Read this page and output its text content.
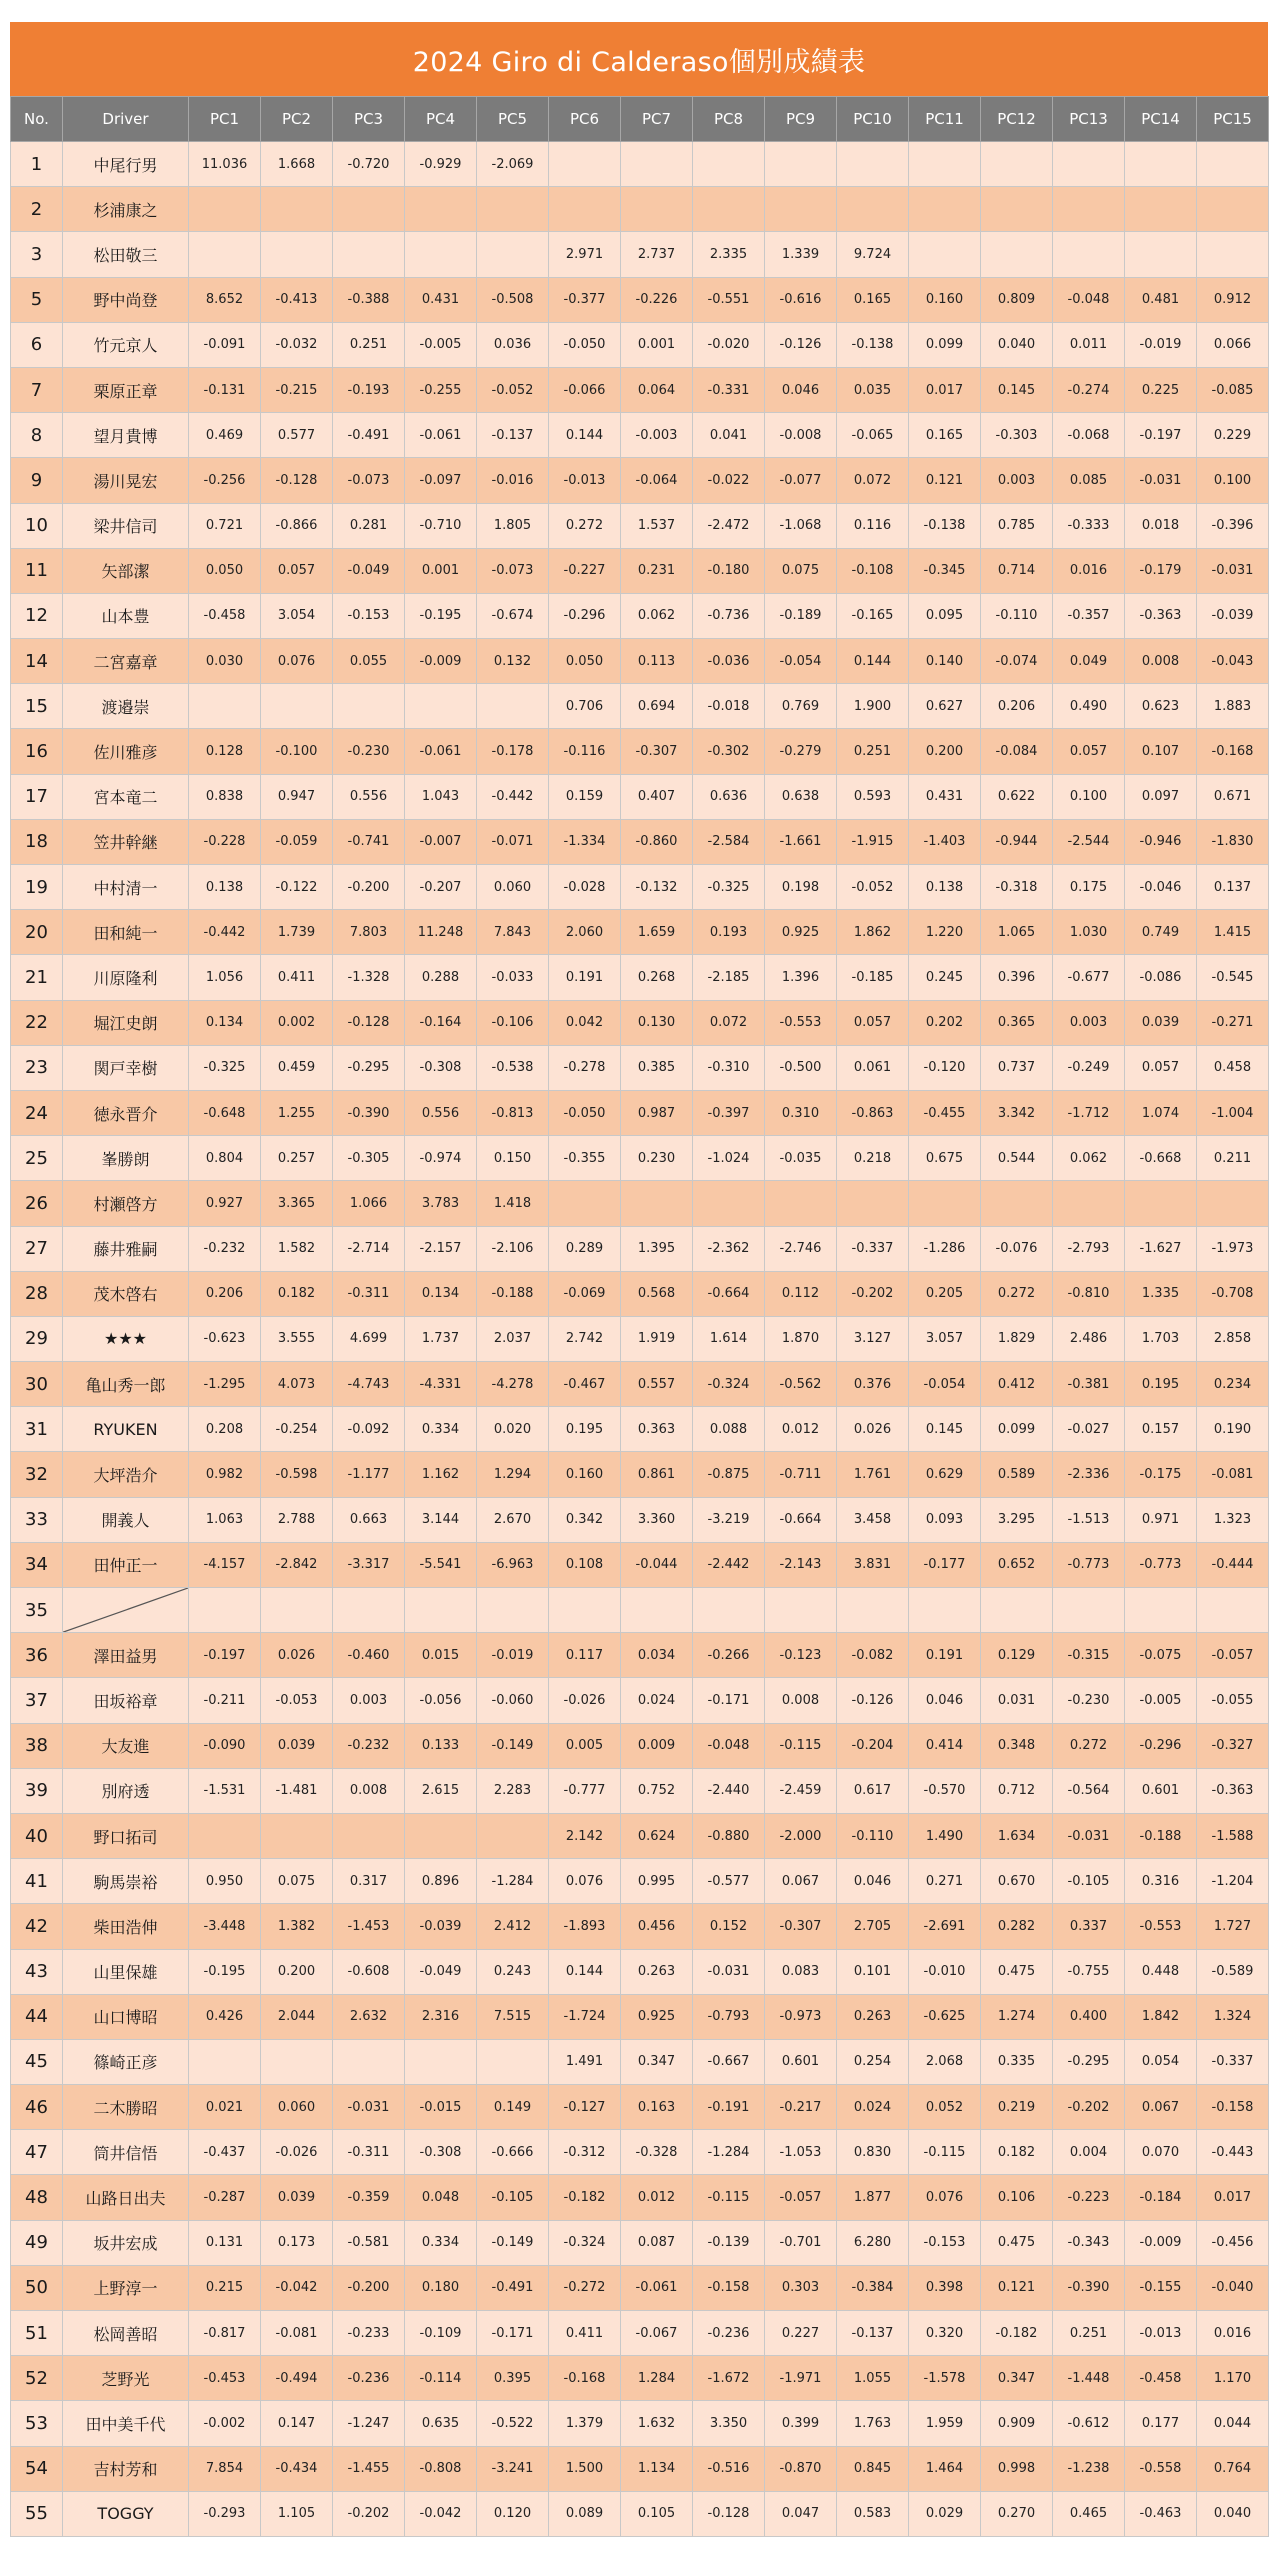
2024 Giro di Calderaso個別成績表
No.	Driver	PC1	PC2	PC3	PC4	PC5	PC6	PC7	PC8	PC9	PC10	PC11	PC12	PC13	PC14	PC15
1	中尾行男	11.036	1.668	-0.720	-0.929	-2.069										
2	杉浦康之															
3	松田敬三						2.971	2.737	2.335	1.339	9.724					
5	野中尚登	8.652	-0.413	-0.388	0.431	-0.508	-0.377	-0.226	-0.551	-0.616	0.165	0.160	0.809	-0.048	0.481	0.912
6	竹元京人	-0.091	-0.032	0.251	-0.005	0.036	-0.050	0.001	-0.020	-0.126	-0.138	0.099	0.040	0.011	-0.019	0.066
7	栗原正章	-0.131	-0.215	-0.193	-0.255	-0.052	-0.066	0.064	-0.331	0.046	0.035	0.017	0.145	-0.274	0.225	-0.085
8	望月貴博	0.469	0.577	-0.491	-0.061	-0.137	0.144	-0.003	0.041	-0.008	-0.065	0.165	-0.303	-0.068	-0.197	0.229
9	湯川晃宏	-0.256	-0.128	-0.073	-0.097	-0.016	-0.013	-0.064	-0.022	-0.077	0.072	0.121	0.003	0.085	-0.031	0.100
10	梁井信司	0.721	-0.866	0.281	-0.710	1.805	0.272	1.537	-2.472	-1.068	0.116	-0.138	0.785	-0.333	0.018	-0.396
11	矢部潔	0.050	0.057	-0.049	0.001	-0.073	-0.227	0.231	-0.180	0.075	-0.108	-0.345	0.714	0.016	-0.179	-0.031
12	山本豊	-0.458	3.054	-0.153	-0.195	-0.674	-0.296	0.062	-0.736	-0.189	-0.165	0.095	-0.110	-0.357	-0.363	-0.039
14	二宮嘉章	0.030	0.076	0.055	-0.009	0.132	0.050	0.113	-0.036	-0.054	0.144	0.140	-0.074	0.049	0.008	-0.043
15	渡邉崇						0.706	0.694	-0.018	0.769	1.900	0.627	0.206	0.490	0.623	1.883
16	佐川雅彦	0.128	-0.100	-0.230	-0.061	-0.178	-0.116	-0.307	-0.302	-0.279	0.251	0.200	-0.084	0.057	0.107	-0.168
17	宮本竜二	0.838	0.947	0.556	1.043	-0.442	0.159	0.407	0.636	0.638	0.593	0.431	0.622	0.100	0.097	0.671
18	笠井幹継	-0.228	-0.059	-0.741	-0.007	-0.071	-1.334	-0.860	-2.584	-1.661	-1.915	-1.403	-0.944	-2.544	-0.946	-1.830
19	中村清一	0.138	-0.122	-0.200	-0.207	0.060	-0.028	-0.132	-0.325	0.198	-0.052	0.138	-0.318	0.175	-0.046	0.137
20	田和純一	-0.442	1.739	7.803	11.248	7.843	2.060	1.659	0.193	0.925	1.862	1.220	1.065	1.030	0.749	1.415
21	川原隆利	1.056	0.411	-1.328	0.288	-0.033	0.191	0.268	-2.185	1.396	-0.185	0.245	0.396	-0.677	-0.086	-0.545
22	堀江史朗	0.134	0.002	-0.128	-0.164	-0.106	0.042	0.130	0.072	-0.553	0.057	0.202	0.365	0.003	0.039	-0.271
23	関戸幸樹	-0.325	0.459	-0.295	-0.308	-0.538	-0.278	0.385	-0.310	-0.500	0.061	-0.120	0.737	-0.249	0.057	0.458
24	徳永晋介	-0.648	1.255	-0.390	0.556	-0.813	-0.050	0.987	-0.397	0.310	-0.863	-0.455	3.342	-1.712	1.074	-1.004
25	峯勝朗	0.804	0.257	-0.305	-0.974	0.150	-0.355	0.230	-1.024	-0.035	0.218	0.675	0.544	0.062	-0.668	0.211
26	村瀬啓方	0.927	3.365	1.066	3.783	1.418										
27	藤井雅嗣	-0.232	1.582	-2.714	-2.157	-2.106	0.289	1.395	-2.362	-2.746	-0.337	-1.286	-0.076	-2.793	-1.627	-1.973
28	茂木啓右	0.206	0.182	-0.311	0.134	-0.188	-0.069	0.568	-0.664	0.112	-0.202	0.205	0.272	-0.810	1.335	-0.708
29	★★★	-0.623	3.555	4.699	1.737	2.037	2.742	1.919	1.614	1.870	3.127	3.057	1.829	2.486	1.703	2.858
30	亀山秀一郎	-1.295	4.073	-4.743	-4.331	-4.278	-0.467	0.557	-0.324	-0.562	0.376	-0.054	0.412	-0.381	0.195	0.234
31	RYUKEN	0.208	-0.254	-0.092	0.334	0.020	0.195	0.363	0.088	0.012	0.026	0.145	0.099	-0.027	0.157	0.190
32	大坪浩介	0.982	-0.598	-1.177	1.162	1.294	0.160	0.861	-0.875	-0.711	1.761	0.629	0.589	-2.336	-0.175	-0.081
33	開義人	1.063	2.788	0.663	3.144	2.670	0.342	3.360	-3.219	-0.664	3.458	0.093	3.295	-1.513	0.971	1.323
34	田仲正一	-4.157	-2.842	-3.317	-5.541	-6.963	0.108	-0.044	-2.442	-2.143	3.831	-0.177	0.652	-0.773	-0.773	-0.444
35	

36	澤田益男	-0.197	0.026	-0.460	0.015	-0.019	0.117	0.034	-0.266	-0.123	-0.082	0.191	0.129	-0.315	-0.075	-0.057
37	田坂裕章	-0.211	-0.053	0.003	-0.056	-0.060	-0.026	0.024	-0.171	0.008	-0.126	0.046	0.031	-0.230	-0.005	-0.055
38	大友進	-0.090	0.039	-0.232	0.133	-0.149	0.005	0.009	-0.048	-0.115	-0.204	0.414	0.348	0.272	-0.296	-0.327
39	別府透	-1.531	-1.481	0.008	2.615	2.283	-0.777	0.752	-2.440	-2.459	0.617	-0.570	0.712	-0.564	0.601	-0.363
40	野口拓司						2.142	0.624	-0.880	-2.000	-0.110	1.490	1.634	-0.031	-0.188	-1.588
41	駒馬崇裕	0.950	0.075	0.317	0.896	-1.284	0.076	0.995	-0.577	0.067	0.046	0.271	0.670	-0.105	0.316	-1.204
42	柴田浩伸	-3.448	1.382	-1.453	-0.039	2.412	-1.893	0.456	0.152	-0.307	2.705	-2.691	0.282	0.337	-0.553	1.727
43	山里保雄	-0.195	0.200	-0.608	-0.049	0.243	0.144	0.263	-0.031	0.083	0.101	-0.010	0.475	-0.755	0.448	-0.589
44	山口博昭	0.426	2.044	2.632	2.316	7.515	-1.724	0.925	-0.793	-0.973	0.263	-0.625	1.274	0.400	1.842	1.324
45	篠崎正彦						1.491	0.347	-0.667	0.601	0.254	2.068	0.335	-0.295	0.054	-0.337
46	二木勝昭	0.021	0.060	-0.031	-0.015	0.149	-0.127	0.163	-0.191	-0.217	0.024	0.052	0.219	-0.202	0.067	-0.158
47	筒井信悟	-0.437	-0.026	-0.311	-0.308	-0.666	-0.312	-0.328	-1.284	-1.053	0.830	-0.115	0.182	0.004	0.070	-0.443
48	山路日出夫	-0.287	0.039	-0.359	0.048	-0.105	-0.182	0.012	-0.115	-0.057	1.877	0.076	0.106	-0.223	-0.184	0.017
49	坂井宏成	0.131	0.173	-0.581	0.334	-0.149	-0.324	0.087	-0.139	-0.701	6.280	-0.153	0.475	-0.343	-0.009	-0.456
50	上野淳一	0.215	-0.042	-0.200	0.180	-0.491	-0.272	-0.061	-0.158	0.303	-0.384	0.398	0.121	-0.390	-0.155	-0.040
51	松岡善昭	-0.817	-0.081	-0.233	-0.109	-0.171	0.411	-0.067	-0.236	0.227	-0.137	0.320	-0.182	0.251	-0.013	0.016
52	芝野光	-0.453	-0.494	-0.236	-0.114	0.395	-0.168	1.284	-1.672	-1.971	1.055	-1.578	0.347	-1.448	-0.458	1.170
53	田中美千代	-0.002	0.147	-1.247	0.635	-0.522	1.379	1.632	3.350	0.399	1.763	1.959	0.909	-0.612	0.177	0.044
54	吉村芳和	7.854	-0.434	-1.455	-0.808	-3.241	1.500	1.134	-0.516	-0.870	0.845	1.464	0.998	-1.238	-0.558	0.764
55	TOGGY	-0.293	1.105	-0.202	-0.042	0.120	0.089	0.105	-0.128	0.047	0.583	0.029	0.270	0.465	-0.463	0.040
